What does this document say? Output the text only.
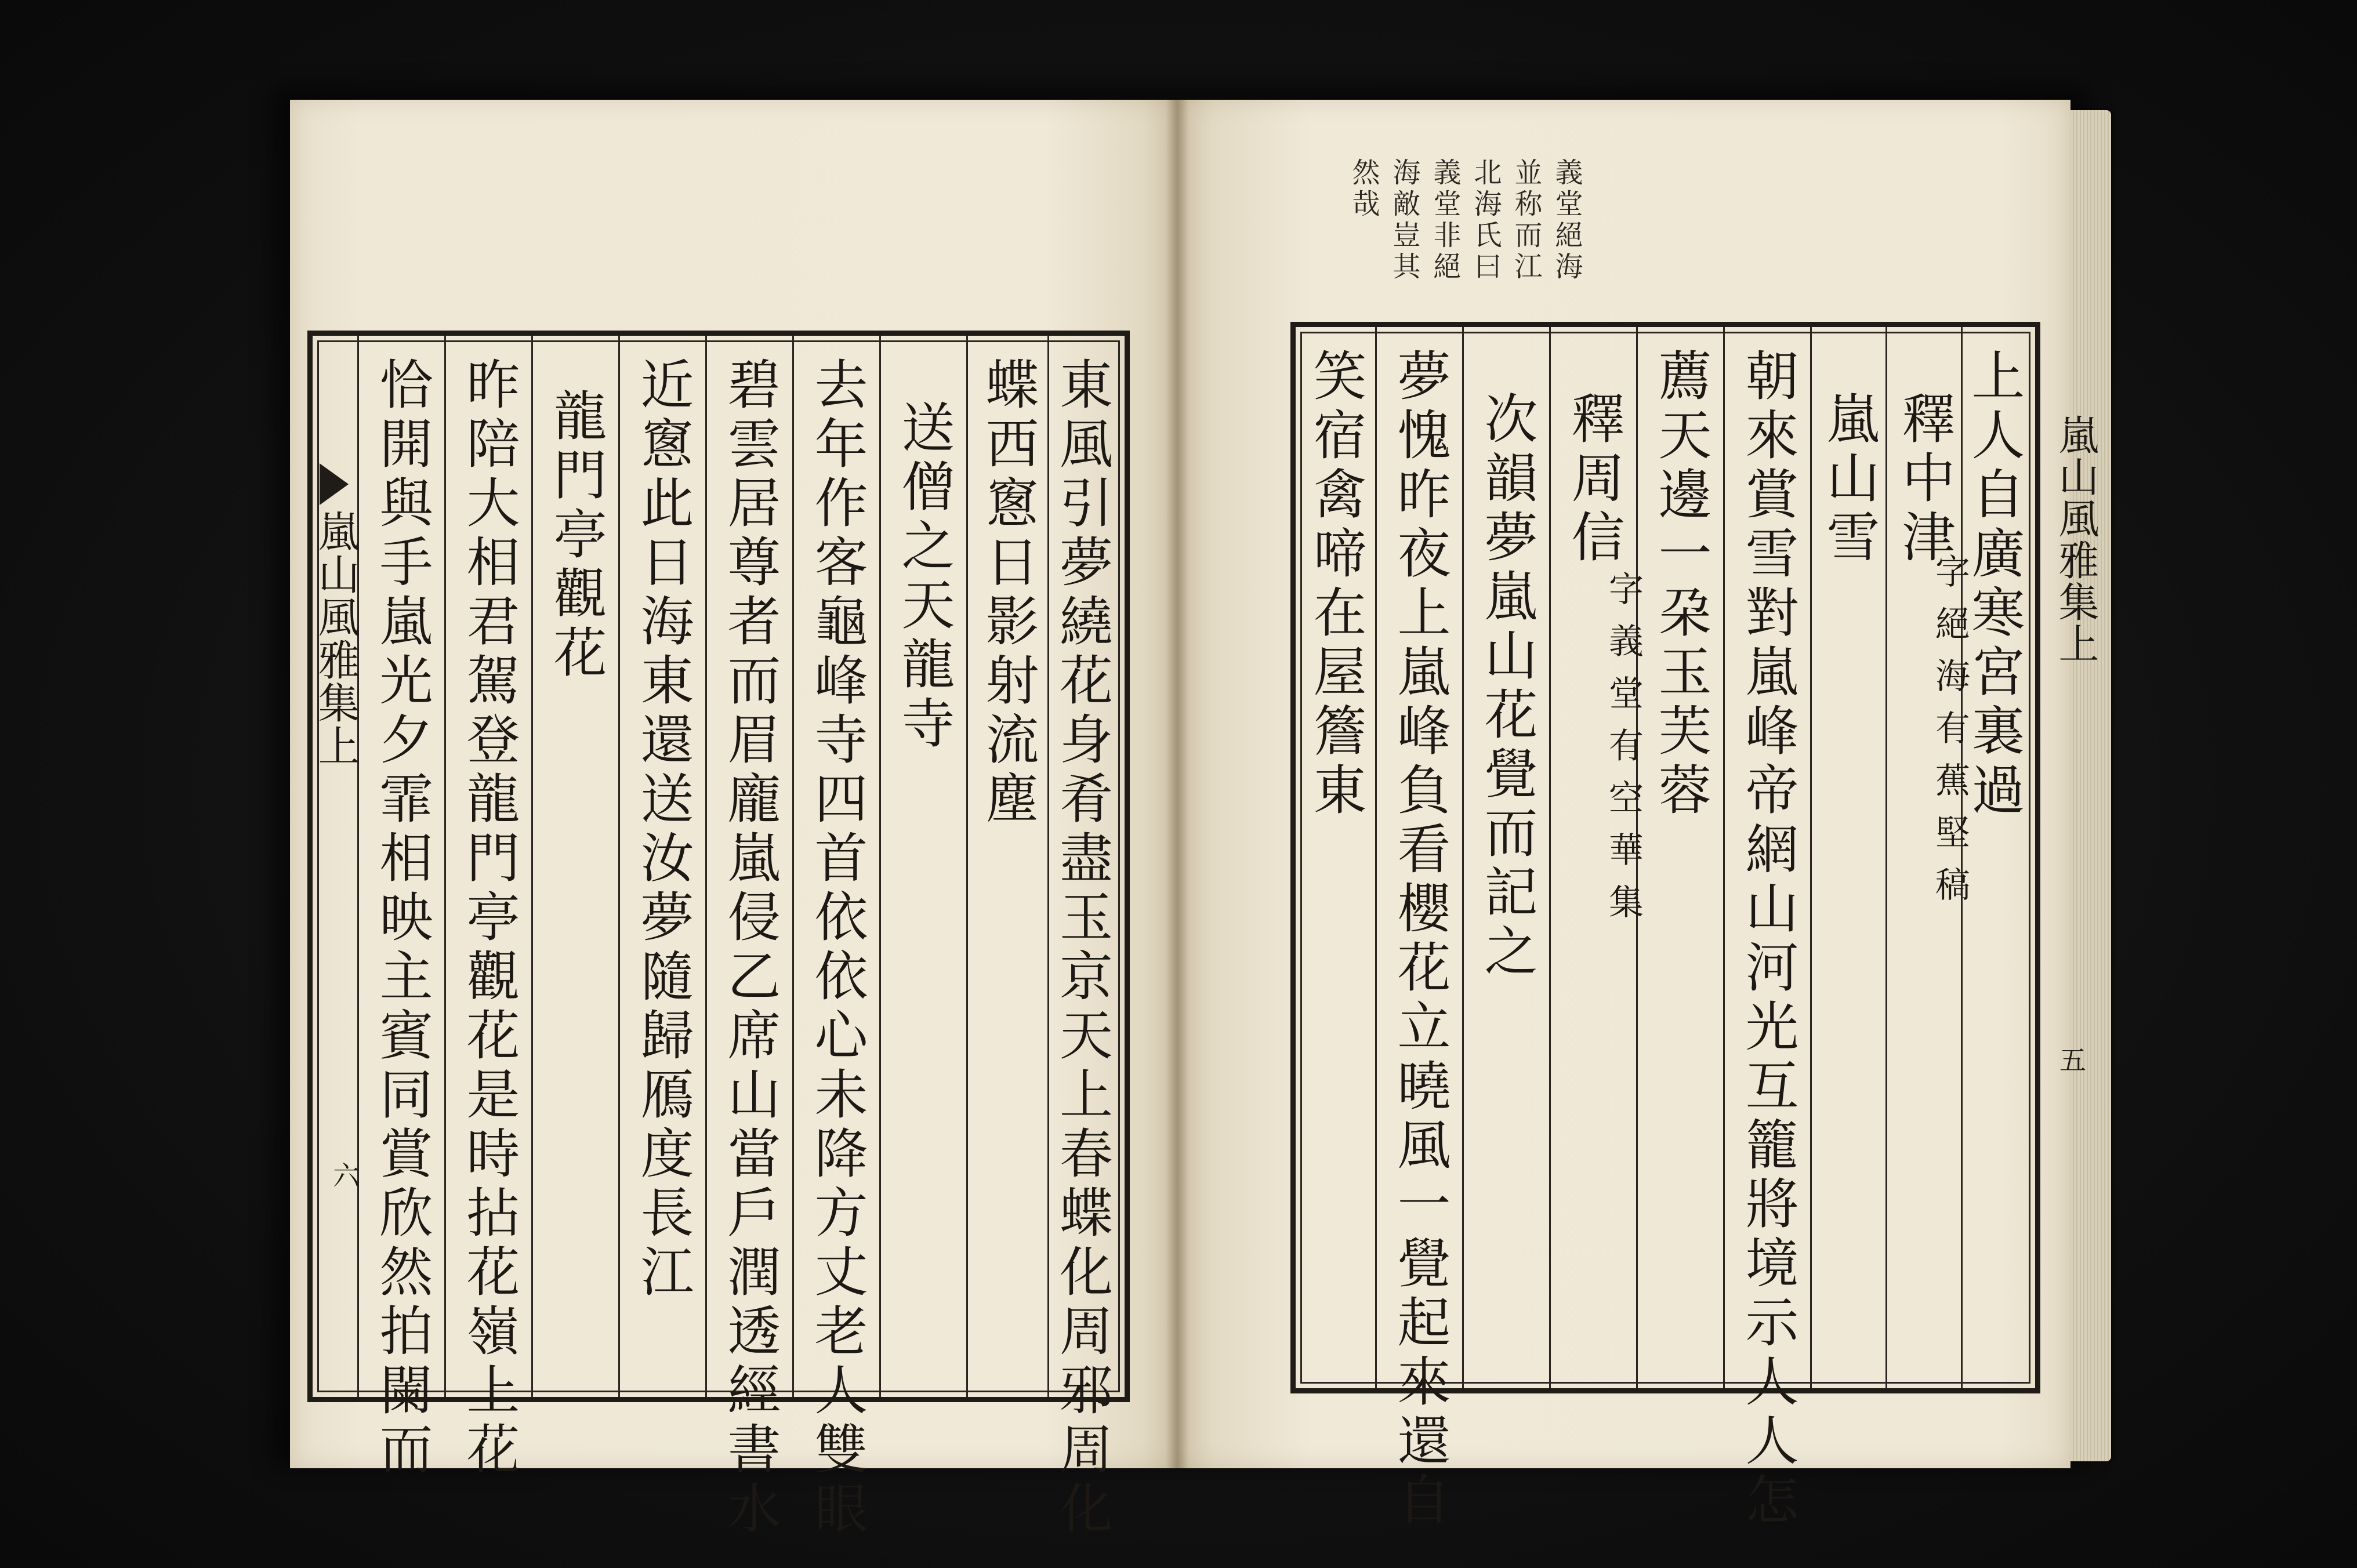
嵐山風雅集上
六 恰開與手嵐光夕霏相映主賓同賞欣然拍闌而 昨陪大相君駕登龍門亭觀花是時拈花嶺上花 龍門亭觀花 近窻此日海東還送汝夢隨歸鴈度長江 碧雲居尊者而眉龐嵐侵乙席山當戶潤透經書水 去年作客龜峰寺四首依依心未降方丈老人雙眼 送僧之天龍寺 蝶西窻日影射流塵 東風引夢繞花身肴盡玉京天上春蝶化周邪周化
義堂絕海
並称而江
北海氏曰
義堂非絕
海敵豈其
然哉
笑宿禽啼在屋簷東 夢愧昨夜上嵐峰負看櫻花立曉風一覺起來還自 次韻夢嵐山花覺而記之 釋周信
字義堂有空華集 薦天邊一朶玉芙蓉 朝來賞雪對嵐峰帝網山河光互籠將境示人人怎 嵐山雪 釋中津
字絕海有蕉堅稿
上人自廣寒宮裏過 嵐山風雅集上
五
